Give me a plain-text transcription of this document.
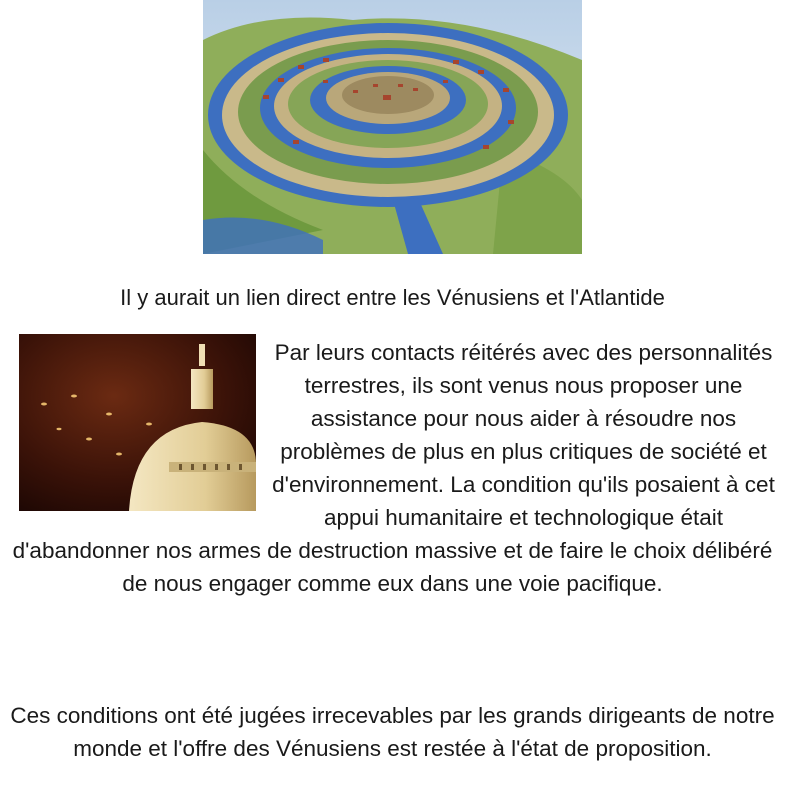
Il y aurait un lien direct entre les Vénusiens et l'Atlantide

Par leurs contacts réitérés avec des personnalités terrestres, ils sont venus nous proposer une assistance pour nous aider à résoudre nos problèmes de plus en plus critiques de société et d'environnement. La condition qu'ils posaient à cet appui humanitaire et technologique était d'abandonner nos armes de destruction massive et de faire le choix délibéré de nous engager comme eux dans une voie pacifique.

Ces conditions ont été jugées irrecevables par les grands dirigeants de notre monde et l'offre des Vénusiens est restée à l'état de proposition.
